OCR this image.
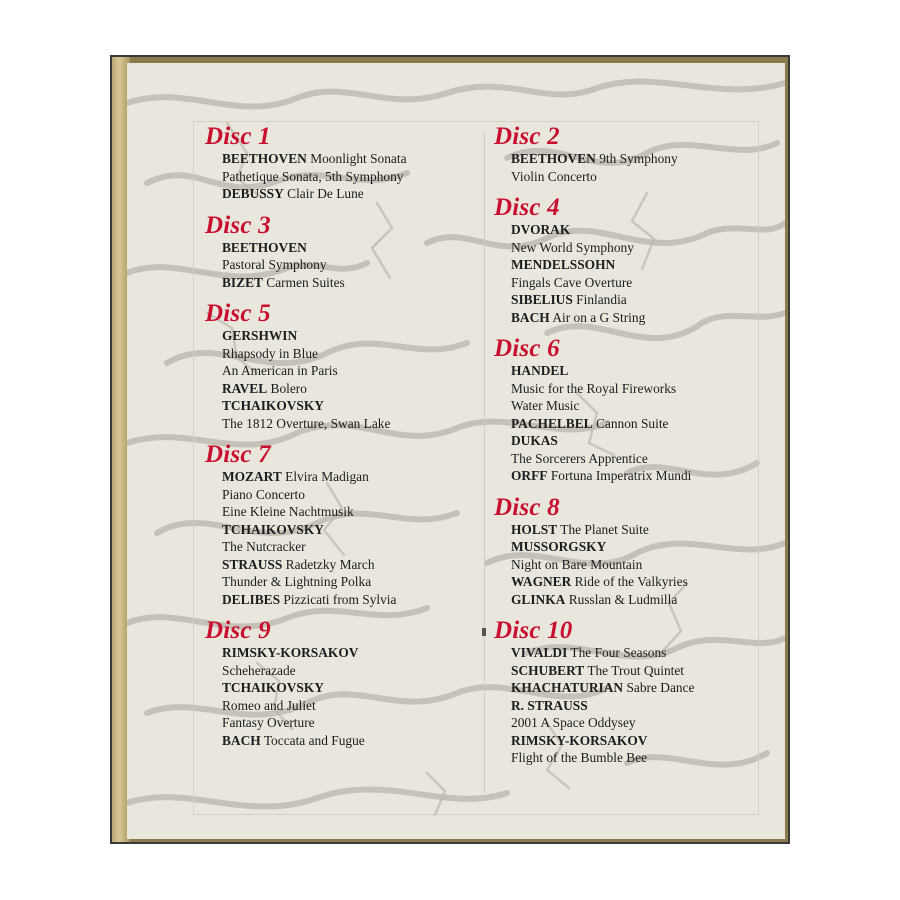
Disc 1
BEETHOVEN Moonlight Sonata
Pathetique Sonata, 5th Symphony
DEBUSSY Clair De Lune
Disc 3
BEETHOVEN
Pastoral Symphony
BIZET Carmen Suites
Disc 5
GERSHWIN
Rhapsody in Blue
An American in Paris
RAVEL Bolero
TCHAIKOVSKY
The 1812 Overture, Swan Lake
Disc 7
MOZART Elvira Madigan
Piano Concerto
Eine Kleine Nachtmusik
TCHAIKOVSKY
The Nutcracker
STRAUSS Radetzky March
Thunder & Lightning Polka
DELIBES Pizzicati from Sylvia
Disc 9
RIMSKY-KORSAKOV
Scheherazade
TCHAIKOVSKY
Romeo and Juliet
Fantasy Overture
BACH Toccata and Fugue
Disc 2
BEETHOVEN 9th Symphony
Violin Concerto
Disc 4
DVORAK
New World Symphony
MENDELSSOHN
Fingals Cave Overture
SIBELIUS Finlandia
BACH Air on a G String
Disc 6
HANDEL
Music for the Royal Fireworks
Water Music
PACHELBEL Cannon Suite
DUKAS
The Sorcerers Apprentice
ORFF Fortuna Imperatrix Mundi
Disc 8
HOLST The Planet Suite
MUSSORGSKY
Night on Bare Mountain
WAGNER Ride of the Valkyries
GLINKA Russlan & Ludmilla
Disc 10
VIVALDI The Four Seasons
SCHUBERT The Trout Quintet
KHACHATURIAN Sabre Dance
R. STRAUSS
2001 A Space Oddysey
RIMSKY-KORSAKOV
Flight of the Bumble Bee
